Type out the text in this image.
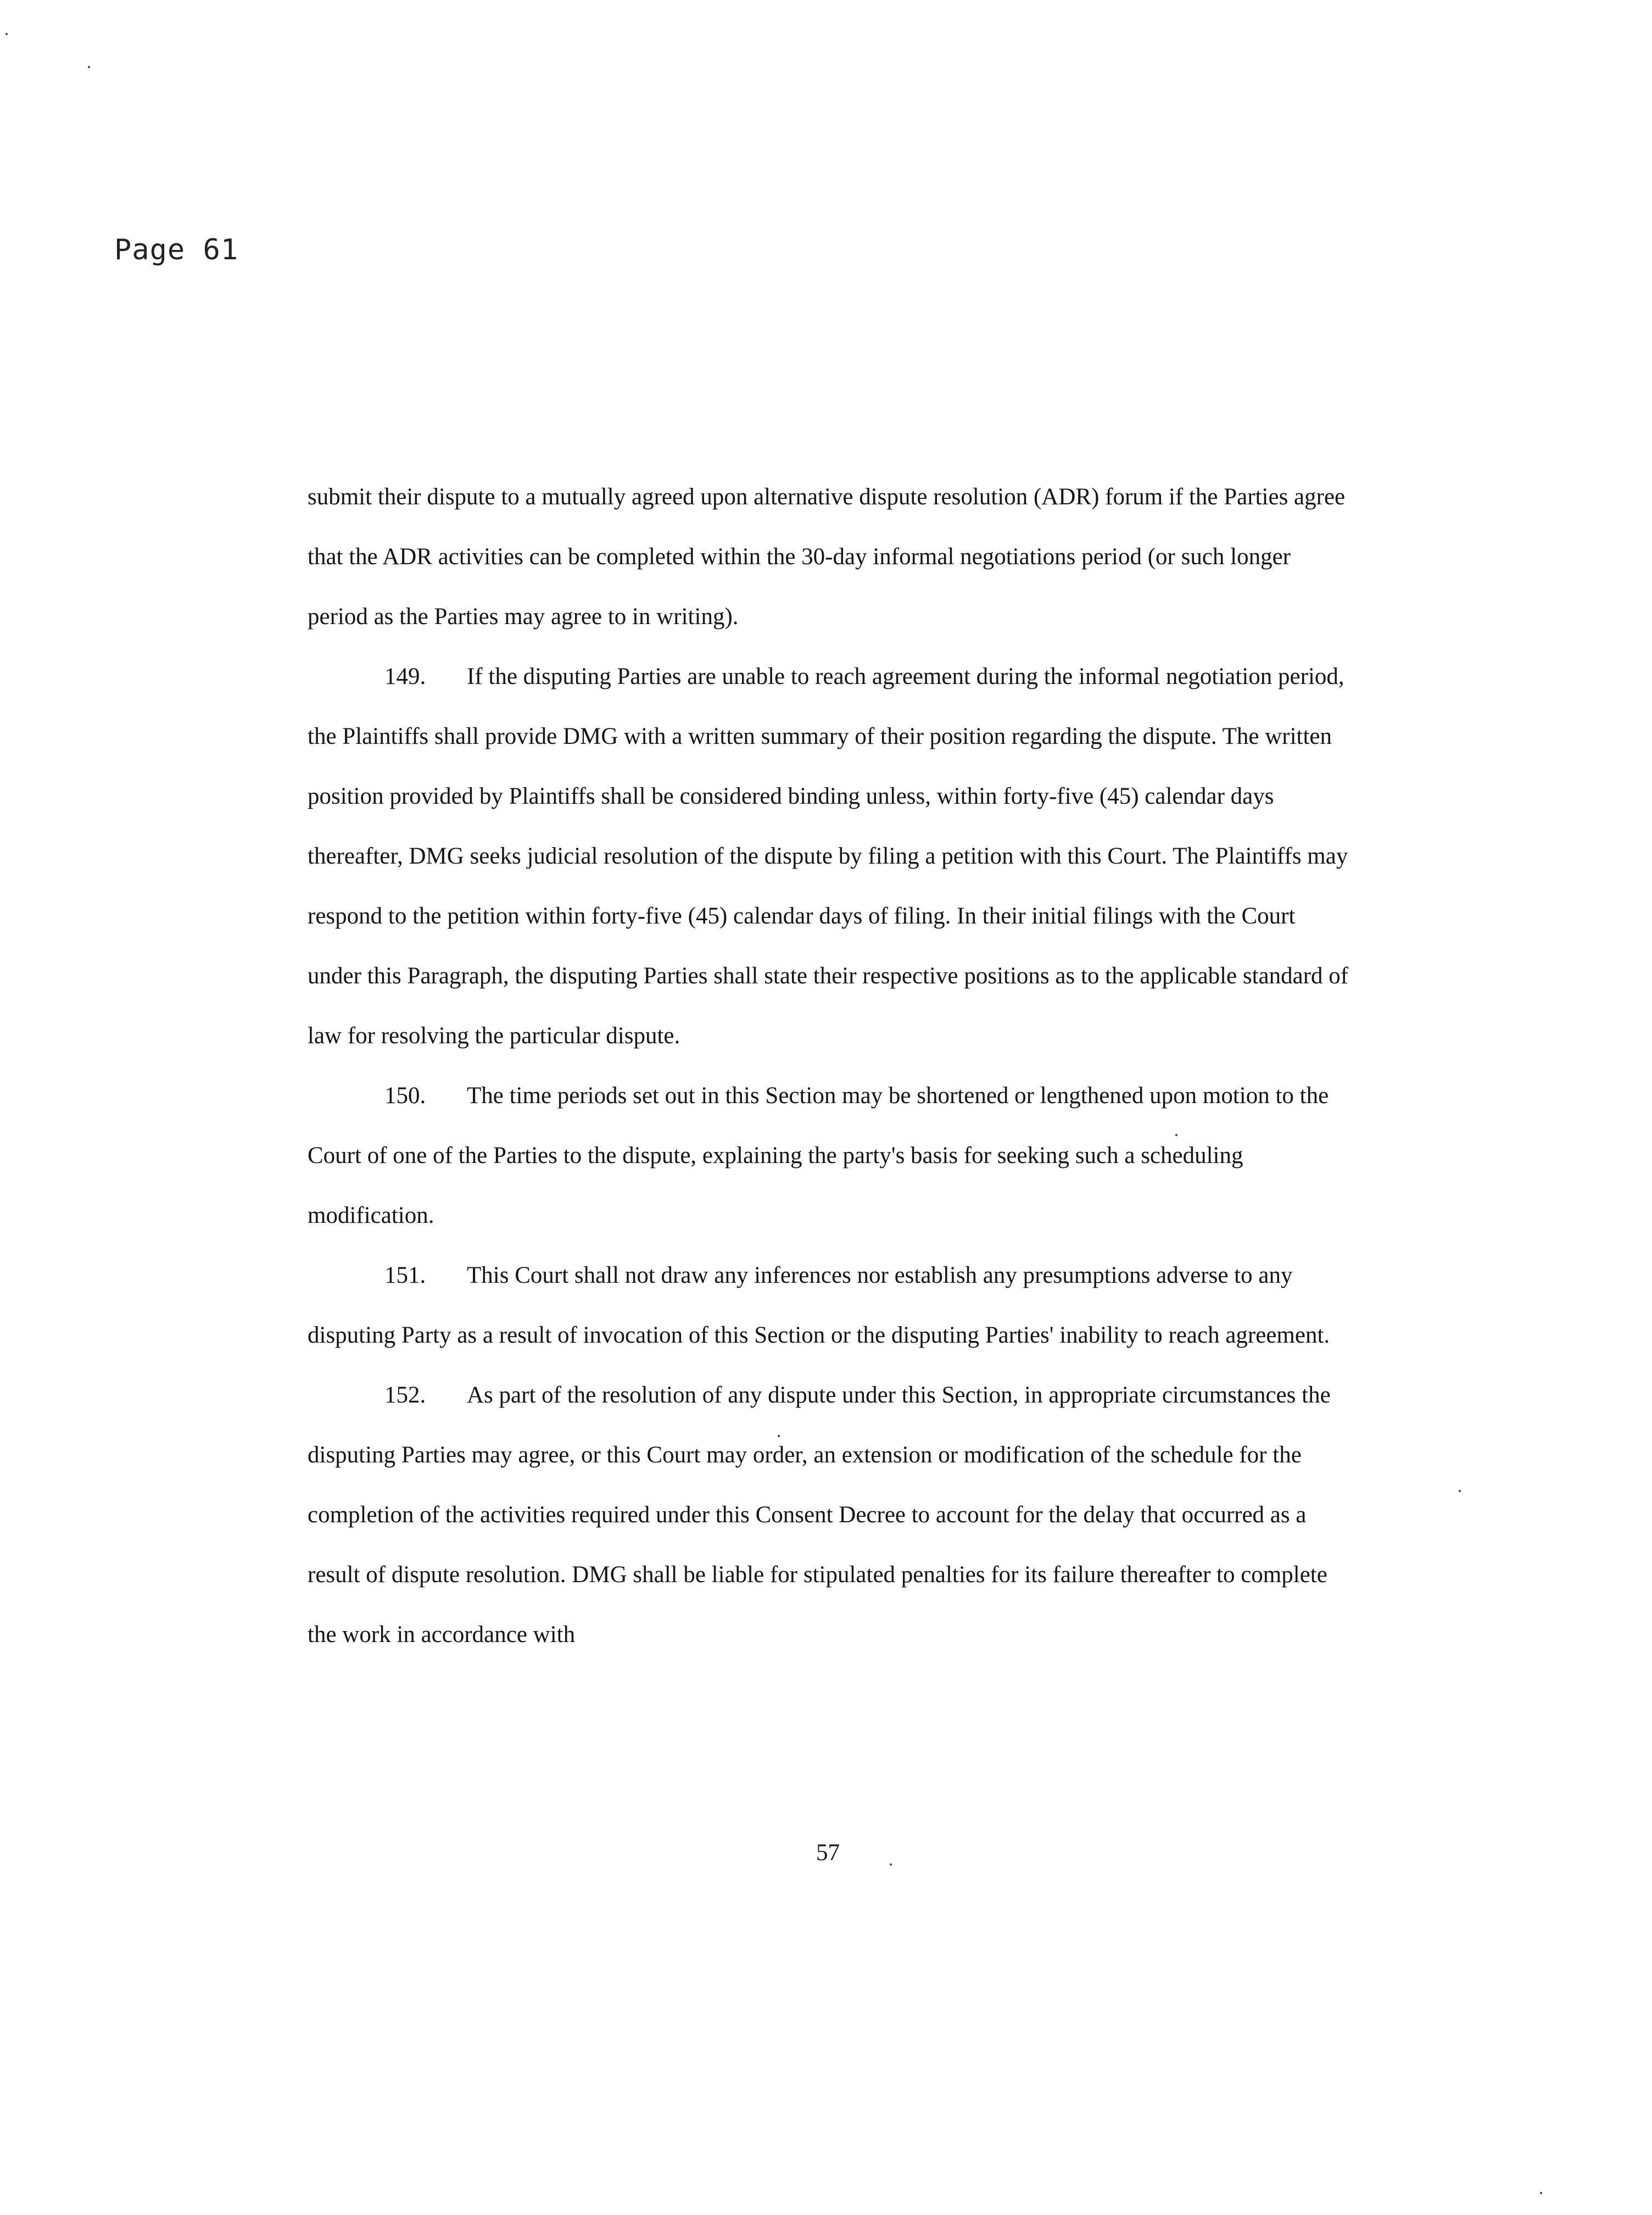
Page 61

submit their dispute to a mutually agreed upon alternative dispute resolution (ADR) forum if the Parties agree that the ADR activities can be completed within the 30-day informal negotiations period (or such longer period as the Parties may agree to in writing).

149. If the disputing Parties are unable to reach agreement during the informal negotiation period, the Plaintiffs shall provide DMG with a written summary of their position regarding the dispute. The written position provided by Plaintiffs shall be considered binding unless, within forty-five (45) calendar days thereafter, DMG seeks judicial resolution of the dispute by filing a petition with this Court. The Plaintiffs may respond to the petition within forty-five (45) calendar days of filing. In their initial filings with the Court under this Paragraph, the disputing Parties shall state their respective positions as to the applicable standard of law for resolving the particular dispute.

150. The time periods set out in this Section may be shortened or lengthened upon motion to the Court of one of the Parties to the dispute, explaining the party's basis for seeking such a scheduling modification.

151. This Court shall not draw any inferences nor establish any presumptions adverse to any disputing Party as a result of invocation of this Section or the disputing Parties' inability to reach agreement.

152. As part of the resolution of any dispute under this Section, in appropriate circumstances the disputing Parties may agree, or this Court may order, an extension or modification of the schedule for the completion of the activities required under this Consent Decree to account for the delay that occurred as a result of dispute resolution. DMG shall be liable for stipulated penalties for its failure thereafter to complete the work in accordance with

57
